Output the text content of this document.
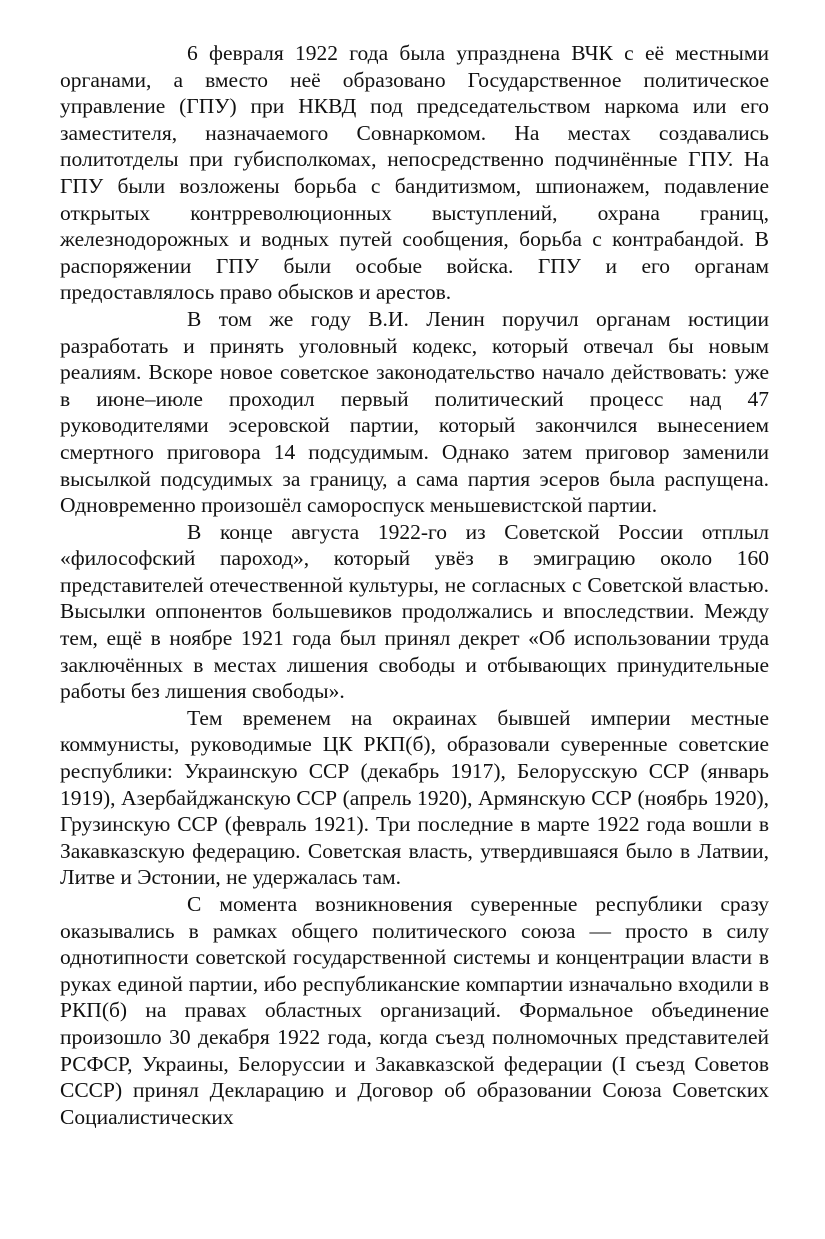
6 февраля 1922 года была упразднена ВЧК с её местными органами, а вместо неё образовано Государственное политическое управление (ГПУ) при НКВД под председательством наркома или его заместителя, назначаемого Совнаркомом. На местах создавались политотделы при губисполкомах, непосредственно подчинённые ГПУ. На ГПУ были возложены борьба с бандитизмом, шпионажем, подавление открытых контрреволюционных выступлений, охрана границ, железнодорожных и водных путей сообщения, борьба с контрабандой. В распоряжении ГПУ были особые войска. ГПУ и его органам предоставлялось право обысков и арестов.

В том же году В.И. Ленин поручил органам юстиции разработать и принять уголовный кодекс, который отвечал бы новым реалиям. Вскоре новое советское законодательство начало действовать: уже в июне–июле проходил первый политический процесс над 47 руководителями эсеровской партии, который закончился вынесением смертного приговора 14 подсудимым. Однако затем приговор заменили высылкой подсудимых за границу, а сама партия эсеров была распущена. Одновременно произошёл самороспуск меньшевистской партии.

В конце августа 1922-го из Советской России отплыл «философский пароход», который увёз в эмиграцию около 160 представителей отечественной культуры, не согласных с Советской властью. Высылки оппонентов большевиков продолжались и впоследствии. Между тем, ещё в ноябре 1921 года был принял декрет «Об использовании труда заключённых в местах лишения свободы и отбывающих принудительные работы без лишения свободы».

Тем временем на окраинах бывшей империи местные коммунисты, руководимые ЦК РКП(б), образовали суверенные советские республики: Украинскую ССР (декабрь 1917), Белорусскую ССР (январь 1919), Азербайджанскую ССР (апрель 1920), Армянскую ССР (ноябрь 1920), Грузинскую ССР (февраль 1921). Три последние в марте 1922 года вошли в Закавказскую федерацию. Советская власть, утвердившаяся было в Латвии, Литве и Эстонии, не удержалась там.

С момента возникновения суверенные республики сразу оказывались в рамках общего политического союза — просто в силу однотипности советской государственной системы и концентрации власти в руках единой партии, ибо республиканские компартии изначально входили в РКП(б) на правах областных организаций. Формальное объединение произошло 30 декабря 1922 года, когда съезд полномочных представителей РСФСР, Украины, Белоруссии и Закавказской федерации (I съезд Советов СССР) принял Декларацию и Договор об образовании Союза Советских Социалистических
